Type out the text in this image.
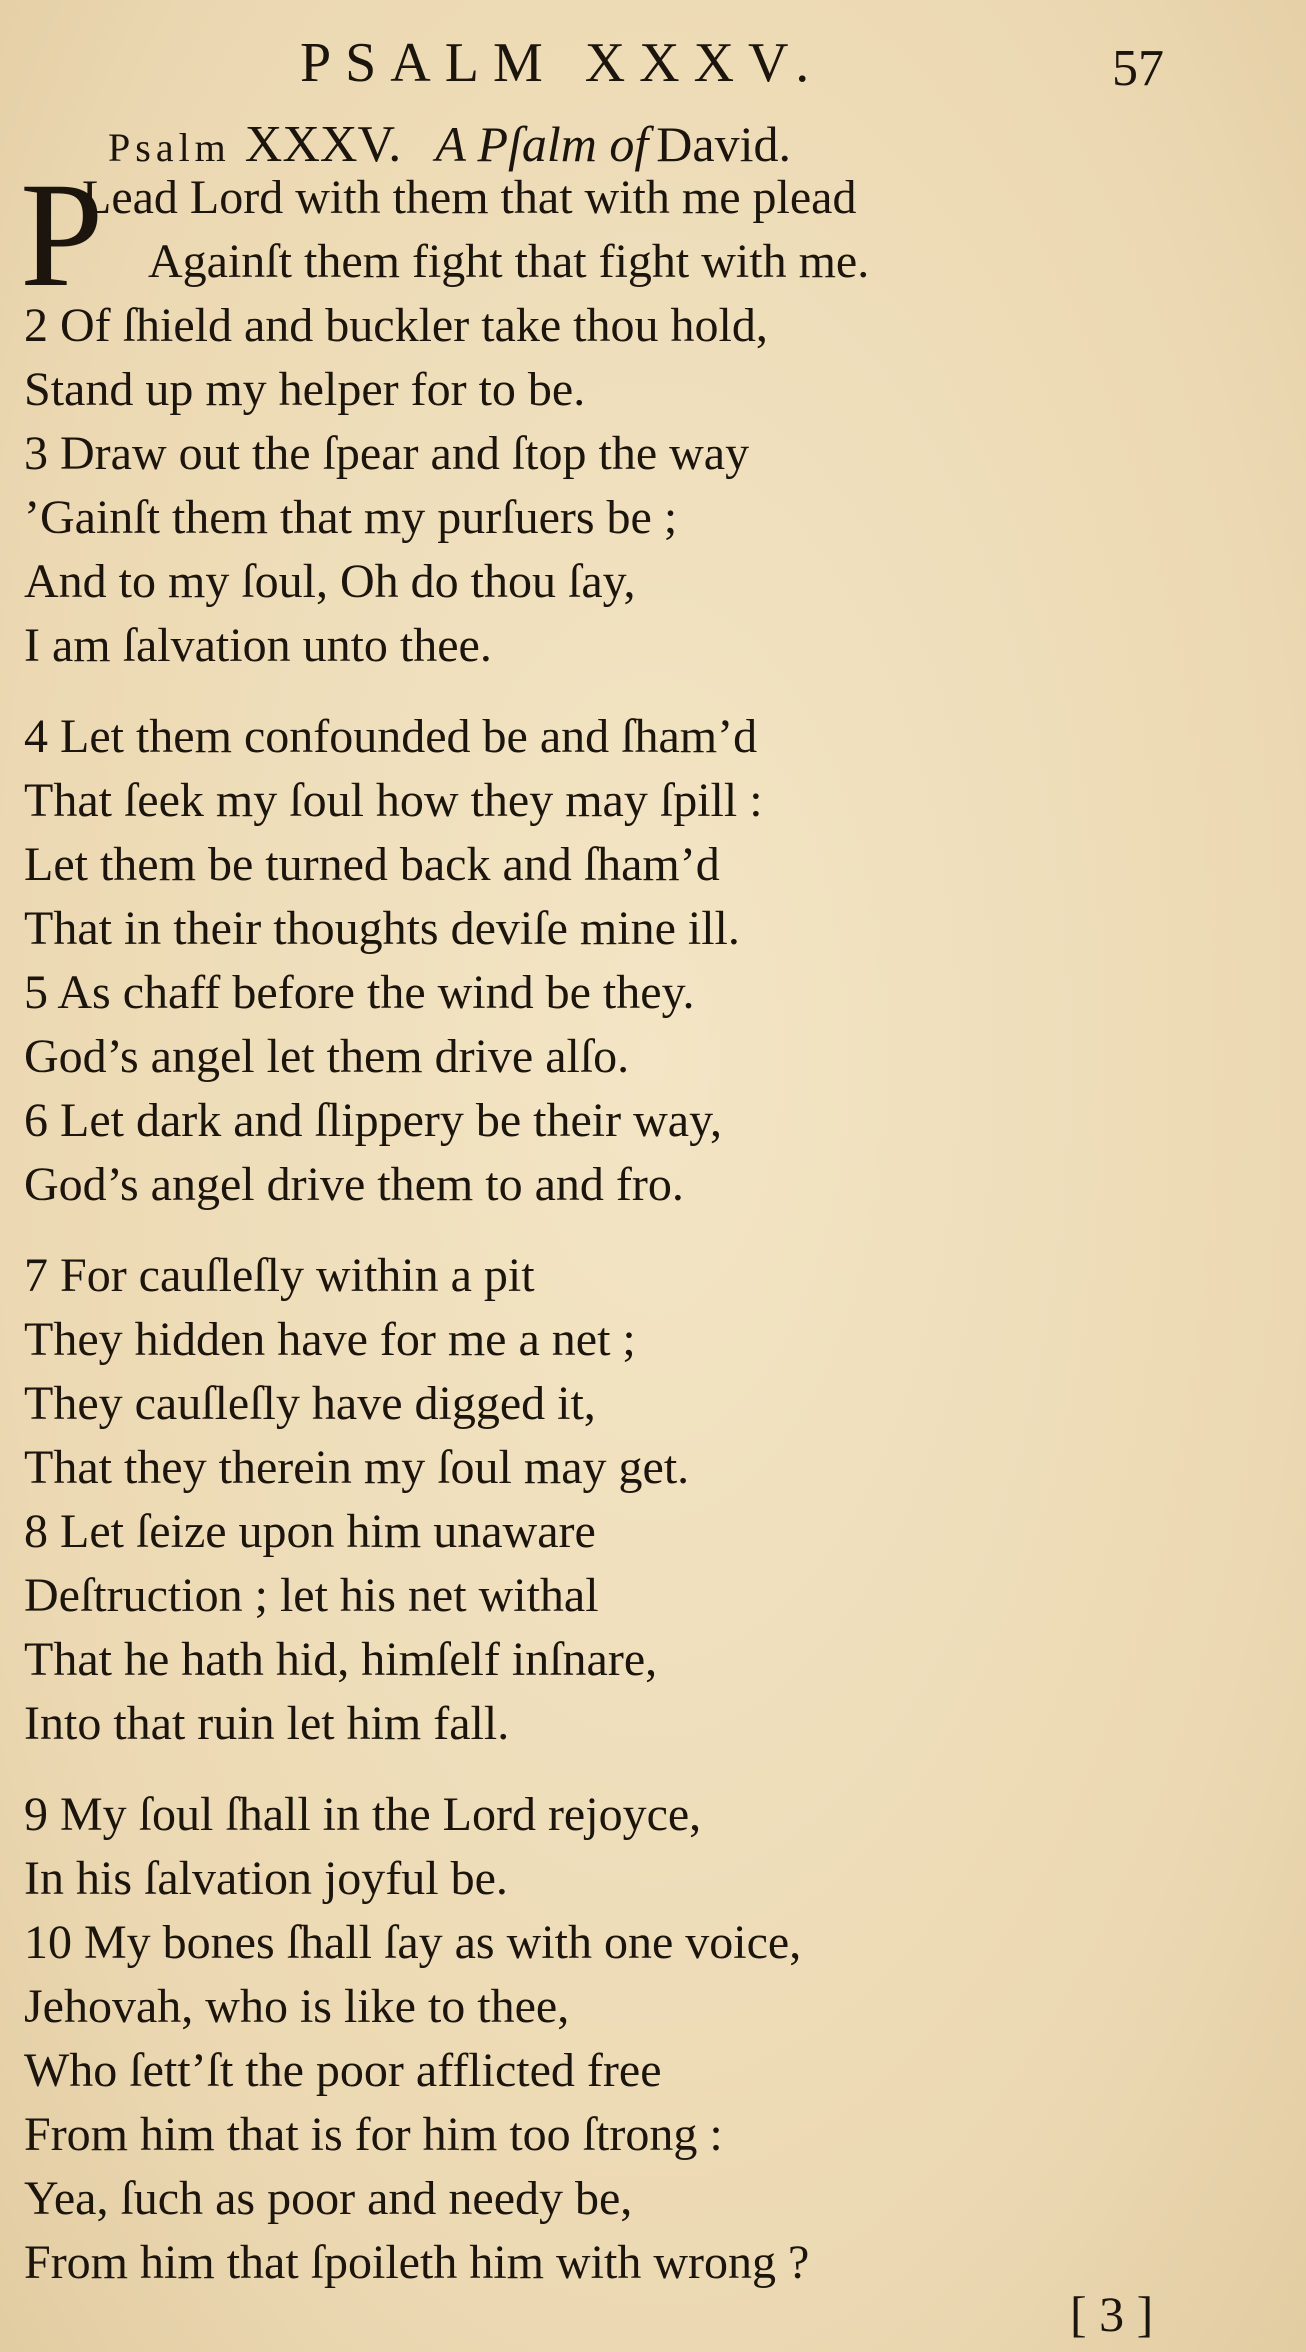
PSALM XXXV.	57
Psalm XXXV. A Pſalm of David.
P
Lead Lord with them that with me plead
Againſt them fight that fight with me.
2 Of ſhield and buckler take thou hold,
Stand up my helper for to be.
3 Draw out the ſpear and ſtop the way
’Gainſt them that my purſuers be ;
And to my ſoul, Oh do thou ſay,
I am ſalvation unto thee.
4 Let them confounded be and ſham’d
That ſeek my ſoul how they may ſpill :
Let them be turned back and ſham’d
That in their thoughts deviſe mine ill.
5 As chaff before the wind be they.
God’s angel let them drive alſo.
6 Let dark and ſlippery be their way,
God’s angel drive them to and fro.
7 For cauſleſly within a pit
They hidden have for me a net ;
They cauſleſly have digged it,
That they therein my ſoul may get.
8 Let ſeize upon him unaware
Deſtruction ; let his net withal
That he hath hid, himſelf inſnare,
Into that ruin let him fall.
9 My ſoul ſhall in the Lord rejoyce,
In his ſalvation joyful be.
10 My bones ſhall ſay as with one voice,
Jehovah, who is like to thee,
Who ſett’ſt the poor afflicted free
From him that is for him too ſtrong :
Yea, ſuch as poor and needy be,
From him that ſpoileth him with wrong ?
[ 3 ]
